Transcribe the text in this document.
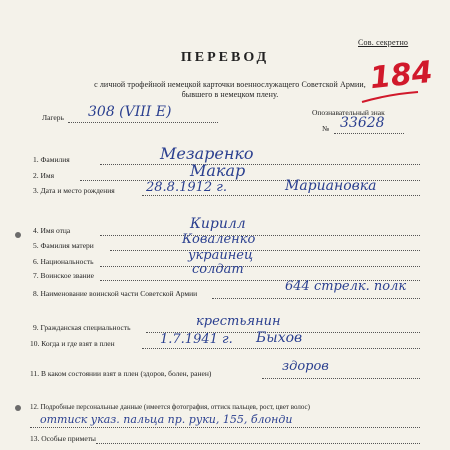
Сов. секретно
ПЕРЕВОД
с личной трофейной немецкой карточки военнослужащего Советской Армии,
бывшего в немецком плену.	184
Лагерь 308 (VIII E)	Опознавательный знак
№ 33628
1. Фамилия	Мезаренко
2. Имя	Макар
3. Дата и место рождения 28.8.1912 г.	Мариановка
4. Имя отца	Кирилл
5. Фамилия матери	Коваленко
6. Национальность	украинец
7. Воинское звание	солдат
8. Наименование воинской части Советской Армии	644 стрелк. полк
9. Гражданская специальность	крестьянин
10. Когда и где взят в плен	1.7.1941 г. Быхов
11. В каком состоянии взят в плен (здоров, болен, ранен)	здоров
12. Подробные персональные данные (имеется фотография, оттиск пальцев, рост, цвет волос)
оттиск указ. пальца пр. руки, 155, блонди
13. Особые приметы
